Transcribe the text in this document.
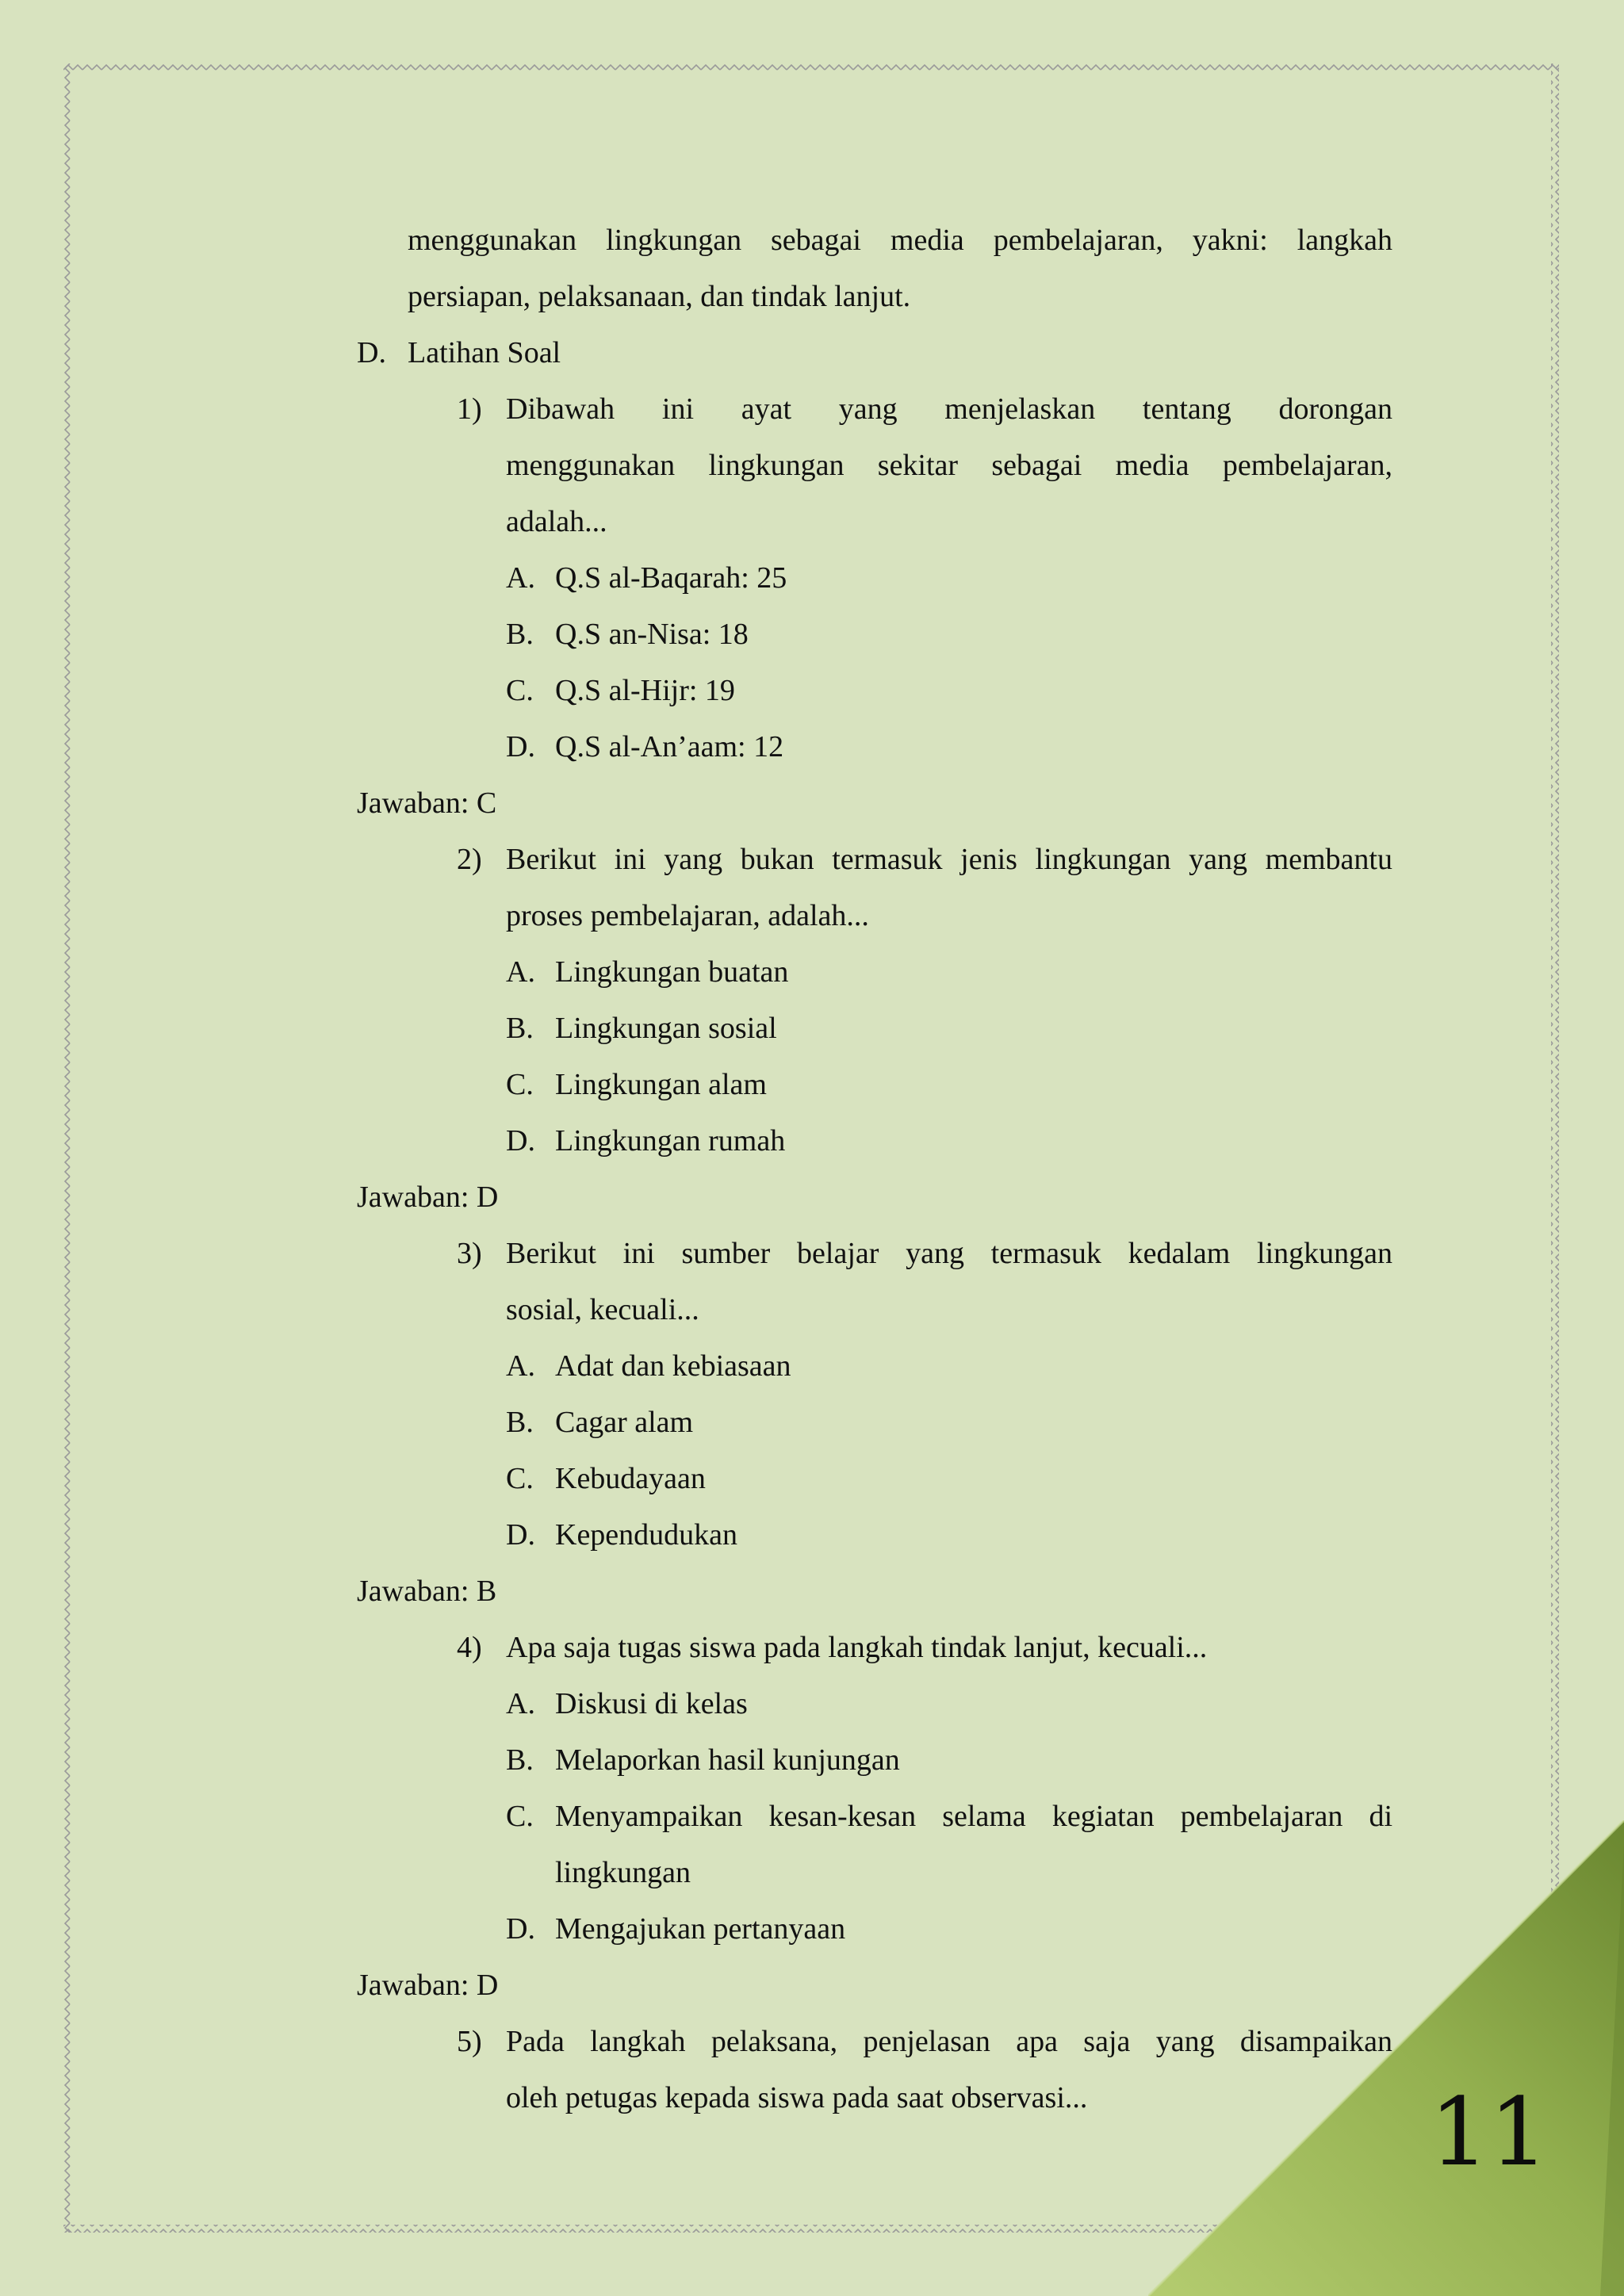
menggunakan lingkungan sebagai media pembelajaran, yakni: langkah

persiapan, pelaksanaan, dan tindak lanjut.

D. Latihan Soal
1) Dibawah ini ayat yang menjelaskan tentang dorongan

menggunakan lingkungan sekitar sebagai media pembelajaran,

adalah...

A. Q.S al-Baqarah: 25
B. Q.S an-Nisa: 18
C. Q.S al-Hijr: 19
D. Q.S al-An’aam: 12

Jawaban: C

2) Berikut ini yang bukan termasuk jenis lingkungan yang membantu

proses pembelajaran, adalah...

A. Lingkungan buatan
B. Lingkungan sosial
C. Lingkungan alam
D. Lingkungan rumah

Jawaban: D

3) Berikut ini sumber belajar yang termasuk kedalam lingkungan

sosial, kecuali...

A. Adat dan kebiasaan
B. Cagar alam
C. Kebudayaan
D. Kependudukan

Jawaban: B

4) Apa saja tugas siswa pada langkah tindak lanjut, kecuali...

A. Diskusi di kelas
B. Melaporkan hasil kunjungan
C. Menyampaikan kesan-kesan selama kegiatan pembelajaran di

lingkungan

D. Mengajukan pertanyaan

Jawaban: D

5) Pada langkah pelaksana, penjelasan apa saja yang disampaikan

oleh petugas kepada siswa pada saat observasi...	11
